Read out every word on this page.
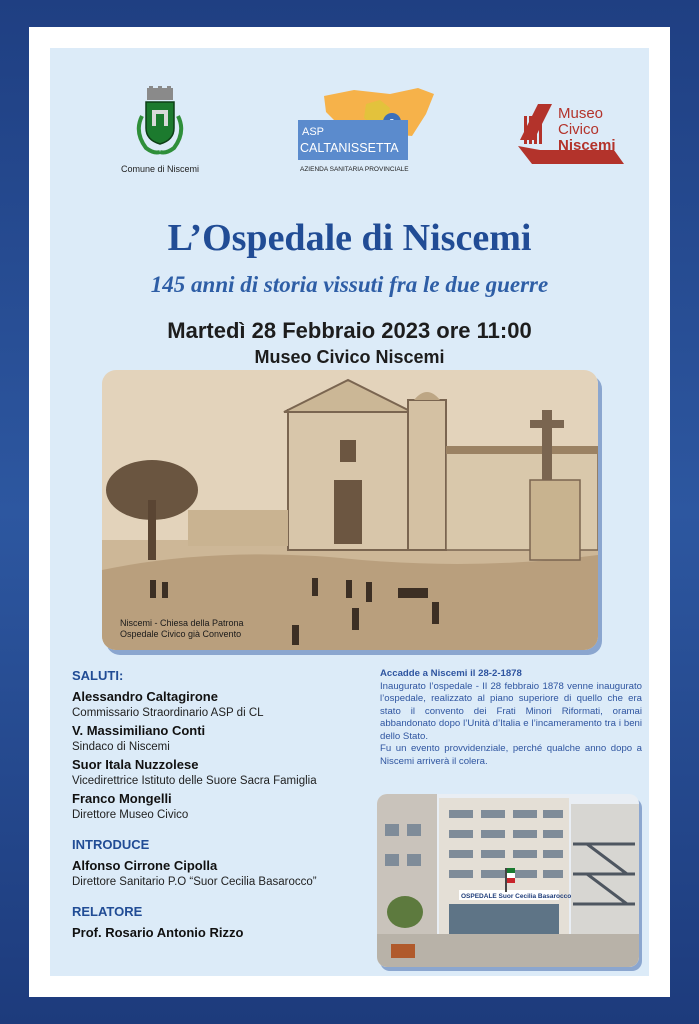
Comune di Niscemi
ASP
CALTANISSETTA
AZIENDA SANITARIA PROVINCIALE
Museo
Civico
Niscemi
L’Ospedale di Niscemi
145 anni di storia vissuti fra le due guerre
Martedì 28 Febbraio 2023 ore 11:00
Museo Civico Niscemi
Niscemi - Chiesa della Patrona
Ospedale Civico già Convento
SALUTI:
Alessandro Caltagirone
Commissario Straordinario ASP di CL
V. Massimiliano Conti
Sindaco di Niscemi
Suor Itala Nuzzolese
Vicedirettrice Istituto delle Suore Sacra Famiglia
Franco Mongelli
Direttore Museo Civico
INTRODUCE
Alfonso Cirrone Cipolla
Direttore Sanitario P.O “Suor Cecilia Basarocco”
RELATORE
Prof. Rosario Antonio Rizzo

Accadde a Niscemi il 28-2-1878

Inaugurato l’ospedale - Il 28 febbraio 1878 venne inaugurato l’ospedale, realizzato al piano superiore di quello che era stato il convento dei Frati Minori Riformati, oramai abbandonato dopo l’Unità d’Italia e l’incameramento tra i beni dello Stato.

Fu un evento provvidenziale, perché qualche anno dopo a Niscemi arriverà il colera.

OSPEDALE Suor Cecilia Basarocco
